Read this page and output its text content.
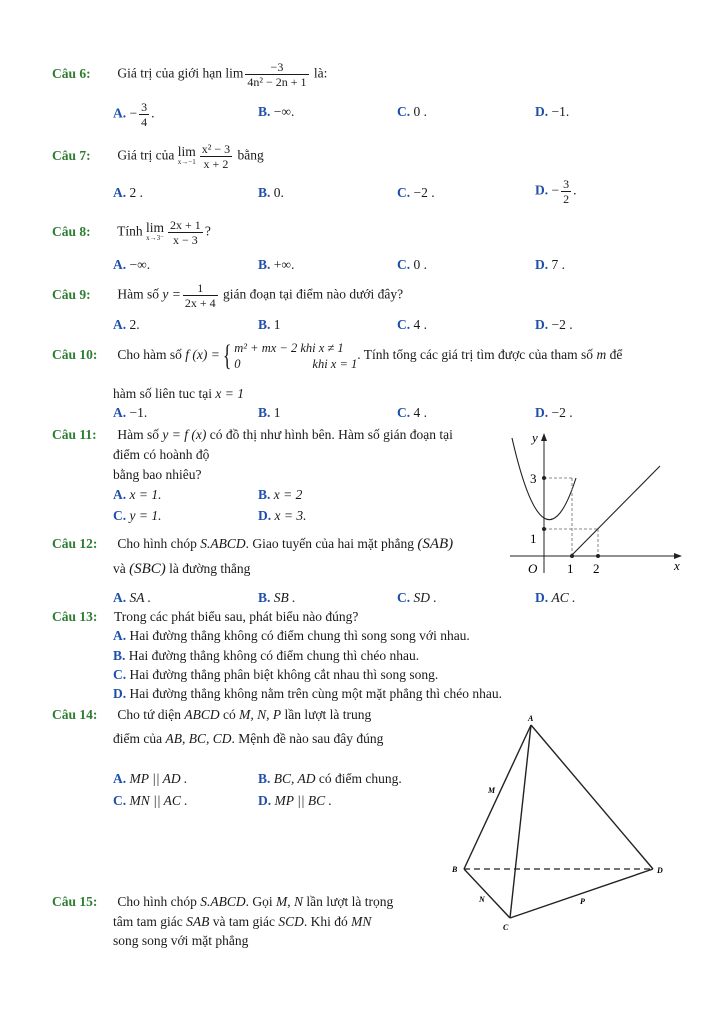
Câu 6: Giá trị của giới hạn $\lim \frac{-3}{\text{4n² − 2n + 1}}$ là:
A. − $\frac{3}{4}$ .	B. −∞.	C. 0 .	D. −1.
Câu 7: Giá trị của lim
$x\to-1 \frac{\text{x² − 3}}{x + 2}$ bằng
A. 2 .	B. 0.	C. −2 .	D. − $\frac{3}{2}$ .
Câu 8: Tính lim
$x\to 3^- \frac{2x + 1}{x - 3}$ ?
A. −∞.	B. +∞.	C. 0 .	D. 7 .
Câu 9: Hàm số $y = \frac{1}{2x + 4}$ gián đoạn tại điểm nào dưới đây?
A. 2.	B. 1	C. 4 .	D. −2 .
Câu 10: Cho hàm số f (x) ={ m² + mx − 2 khi x ≠ 1
0                       khi x = 1
. Tính tổng các giá trị tìm được của tham số m để
hàm số liên tuc tại x = 1
A. −1.	B. 1	C. 4 .	D. −2 .
Câu 11: Hàm số y = f (x) có đồ thị như hình bên. Hàm số gián đoạn tại
điểm có hoành độ
bằng bao nhiêu?
A. x = 1.	B. x = 2
C. y = 1.	D. x = 3.
y
x
O
3
1
1 2
Câu 12: Cho hình chóp S.ABCD. Giao tuyến của hai mặt phẳng (SAB)
và (SBC) là đường thẳng
A. SA .	B. SB .	C. SD .	D. AC .
Câu 13: Trong các phát biểu sau, phát biểu nào đúng?
A. Hai đường thẳng không có điểm chung thì song song với nhau.
B. Hai đường thẳng không có điểm chung thì chéo nhau.
C. Hai đường thẳng phân biệt không cắt nhau thì song song.
D. Hai đường thẳng không nằm trên cùng một mặt phẳng thì chéo nhau.
Câu 14: Cho tứ diện ABCD có M, N, P lần lượt là trung
điểm của AB, BC, CD. Mệnh đề nào sau đây đúng
A. MP || AD .	B. BC, AD có điểm chung.
C. MN || AC .	D. MP || BC .
A
B
C
D
M
N	P
Câu 15: Cho hình chóp S.ABCD. Gọi M, N lần lượt là trọng
tâm tam giác SAB và tam giác SCD. Khi đó MN
song song với mặt phẳng
